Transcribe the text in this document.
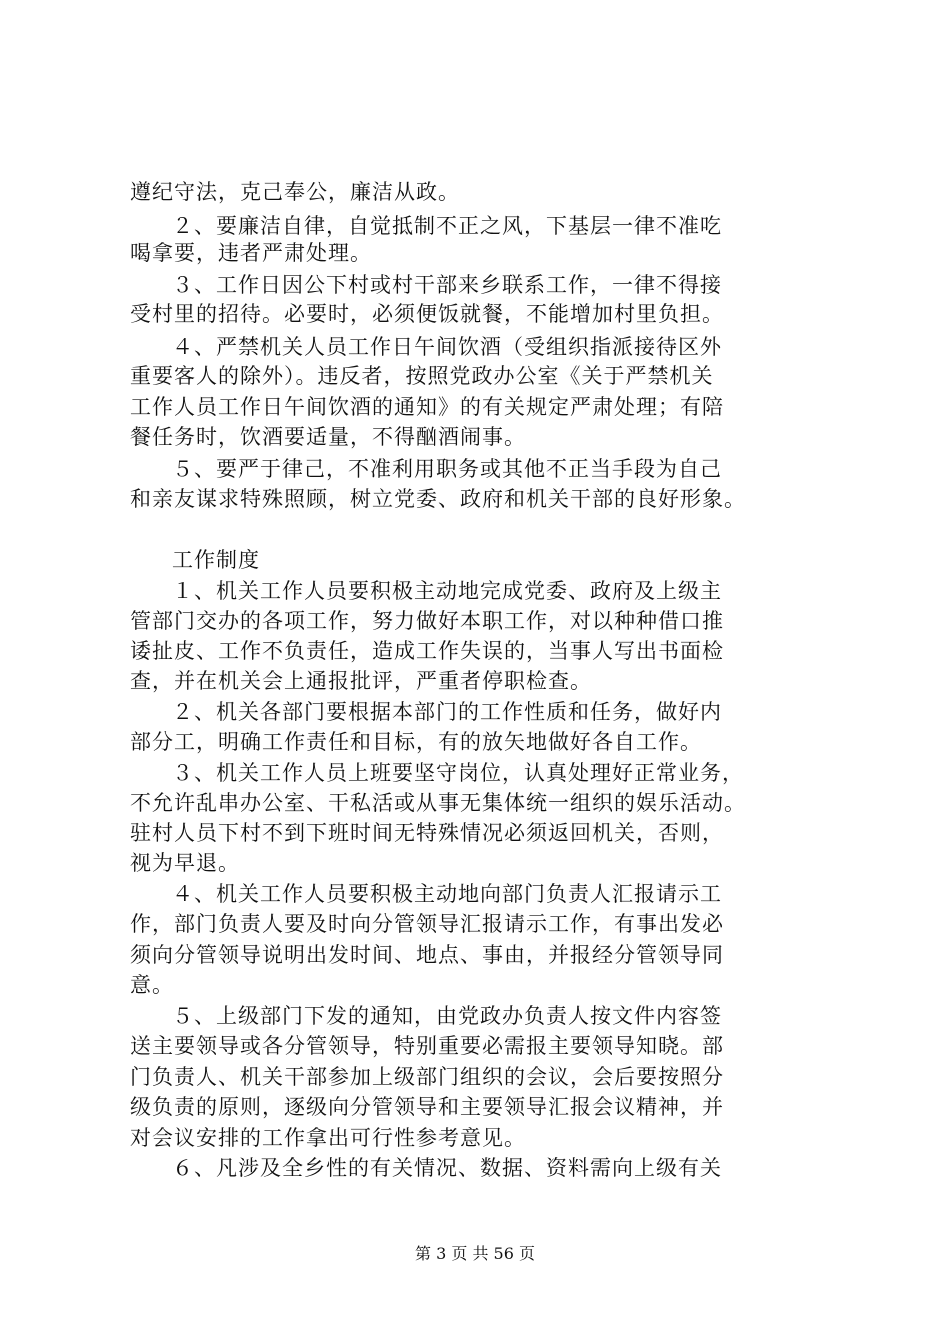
遵纪守法，克己奉公，廉洁从政。
２、要廉洁自律，自觉抵制不正之风，下基层一律不准吃
喝拿要，违者严肃处理。
３、工作日因公下村或村干部来乡联系工作，一律不得接
受村里的招待。必要时，必须便饭就餐，不能增加村里负担。
４、严禁机关人员工作日午间饮酒（受组织指派接待区外
重要客人的除外）。违反者，按照党政办公室《关于严禁机关
工作人员工作日午间饮酒的通知》的有关规定严肃处理；有陪
餐任务时，饮酒要适量，不得酗酒闹事。
５、要严于律己，不准利用职务或其他不正当手段为自己
和亲友谋求特殊照顾，树立党委、政府和机关干部的良好形象。
工作制度
１、机关工作人员要积极主动地完成党委、政府及上级主
管部门交办的各项工作，努力做好本职工作，对以种种借口推
诿扯皮、工作不负责任，造成工作失误的，当事人写出书面检
查，并在机关会上通报批评，严重者停职检查。
２、机关各部门要根据本部门的工作性质和任务，做好内
部分工，明确工作责任和目标，有的放矢地做好各自工作。
３、机关工作人员上班要坚守岗位，认真处理好正常业务，
不允许乱串办公室、干私活或从事无集体统一组织的娱乐活动。
驻村人员下村不到下班时间无特殊情况必须返回机关，否则，
视为早退。
４、机关工作人员要积极主动地向部门负责人汇报请示工
作，部门负责人要及时向分管领导汇报请示工作，有事出发必
须向分管领导说明出发时间、地点、事由，并报经分管领导同
意。
５、上级部门下发的通知，由党政办负责人按文件内容签
送主要领导或各分管领导，特别重要必需报主要领导知晓。部
门负责人、机关干部参加上级部门组织的会议，会后要按照分
级负责的原则，逐级向分管领导和主要领导汇报会议精神，并
对会议安排的工作拿出可行性参考意见。
６、凡涉及全乡性的有关情况、数据、资料需向上级有关
第 3 页 共 56 页
